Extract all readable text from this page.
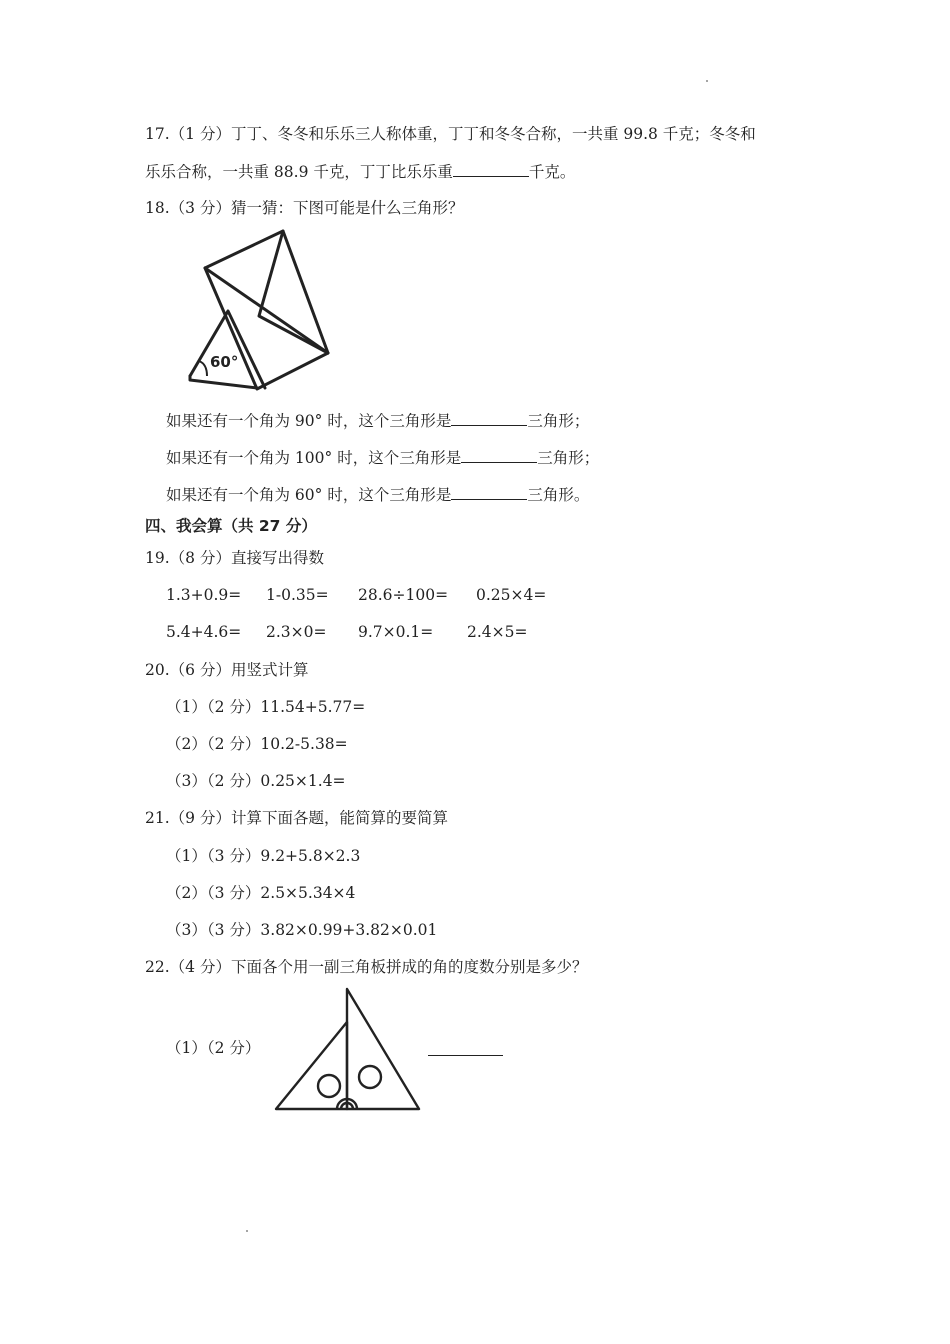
17.（1 分）丁丁、冬冬和乐乐三人称体重，丁丁和冬冬合称，一共重 99.8 千克；冬冬和
乐乐合称，一共重 88.9 千克，丁丁比乐乐重	千克。
18.（3 分）猜一猜：下图可能是什么三角形？
60°
如果还有一个角为 90° 时，这个三角形是	三角形；
如果还有一个角为 100° 时，这个三角形是	三角形；
如果还有一个角为 60° 时，这个三角形是	三角形。
四、我会算（共 27 分）
19.（8 分）直接写出得数
1.3+0.9= 1-0.35= 28.6÷100= 0.25×4=
5.4+4.6= 2.3×0= 9.7×0.1= 2.4×5=
20.（6 分）用竖式计算
（1）（2 分）11.54+5.77=
（2）（2 分）10.2-5.38=
（3）（2 分）0.25×1.4=
21.（9 分）计算下面各题，能简算的要简算
（1）（3 分）9.2+5.8×2.3
（2）（3 分）2.5×5.34×4
（3）（3 分）3.82×0.99+3.82×0.01
22.（4 分）下面各个用一副三角板拼成的角的度数分别是多少？
（1）（2 分）
